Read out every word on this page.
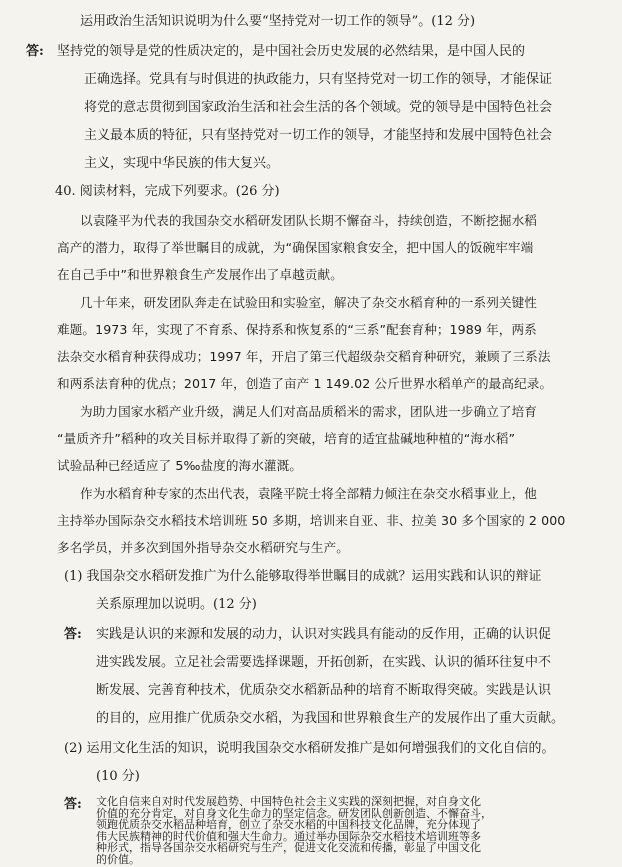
运用政治生活知识说明为什么要“坚持党对一切工作的领导”。(12 分)
答: 坚持党的领导是党的性质决定的，是中国社会历史发展的必然结果，是中国人民的
正确选择。党具有与时俱进的执政能力，只有坚持党对一切工作的领导，才能保证
将党的意志贯彻到国家政治生活和社会生活的各个领域。党的领导是中国特色社会
主义最本质的特征，只有坚持党对一切工作的领导，才能坚持和发展中国特色社会
主义，实现中华民族的伟大复兴。
40. 阅读材料，完成下列要求。(26 分)
以袁隆平为代表的我国杂交水稻研发团队长期不懈奋斗，持续创造，不断挖掘水稻
高产的潜力，取得了举世瞩目的成就，为“确保国家粮食安全，把中国人的饭碗牢牢端
在自己手中”和世界粮食生产发展作出了卓越贡献。
几十年来，研发团队奔走在试验田和实验室，解决了杂交水稻育种的一系列关键性
难题。1973 年，实现了不育系、保持系和恢复系的“三系”配套育种；1989 年，两系
法杂交水稻育种获得成功；1997 年，开启了第三代超级杂交稻育种研究，兼顾了三系法
和两系法育种的优点；2017 年，创造了亩产 1 149.02 公斤世界水稻单产的最高纪录。
为助力国家水稻产业升级，满足人们对高品质稻米的需求，团队进一步确立了培育
“量质齐升”稻种的攻关目标并取得了新的突破，培育的适宜盐碱地种植的“海水稻”
试验品种已经适应了 5‰盐度的海水灌溉。
作为水稻育种专家的杰出代表，袁隆平院士将全部精力倾注在杂交水稻事业上，他
主持举办国际杂交水稻技术培训班 50 多期，培训来自亚、非、拉美 30 多个国家的 2 000
多名学员，并多次到国外指导杂交水稻研究与生产。
(1) 我国杂交水稻研发推广为什么能够取得举世瞩目的成就？运用实践和认识的辩证
关系原理加以说明。(12 分)
答: 实践是认识的来源和发展的动力，认识对实践具有能动的反作用，正确的认识促
进实践发展。立足社会需要选择课题，开拓创新，在实践、认识的循环往复中不
断发展、完善育种技术，优质杂交水稻新品种的培育不断取得突破。实践是认识
的目的，应用推广优质杂交水稻，为我国和世界粮食生产的发展作出了重大贡献。
(2) 运用文化生活的知识，说明我国杂交水稻研发推广是如何增强我们的文化自信的。
(10 分)
答: 文化自信来自对时代发展趋势、中国特色社会主义实践的深刻把握，对自身文化
价值的充分肯定，对自身文化生命力的坚定信念。研发团队创新创造、不懈奋斗，
领跑优质杂交水稻品种培育，创立了杂交水稻的中国科技文化品牌，充分体现了
伟大民族精神的时代价值和强大生命力。通过举办国际杂交水稻技术培训班等多
种形式，指导各国杂交水稻研究与生产，促进文化交流和传播，彰显了中国文化
的价值。
